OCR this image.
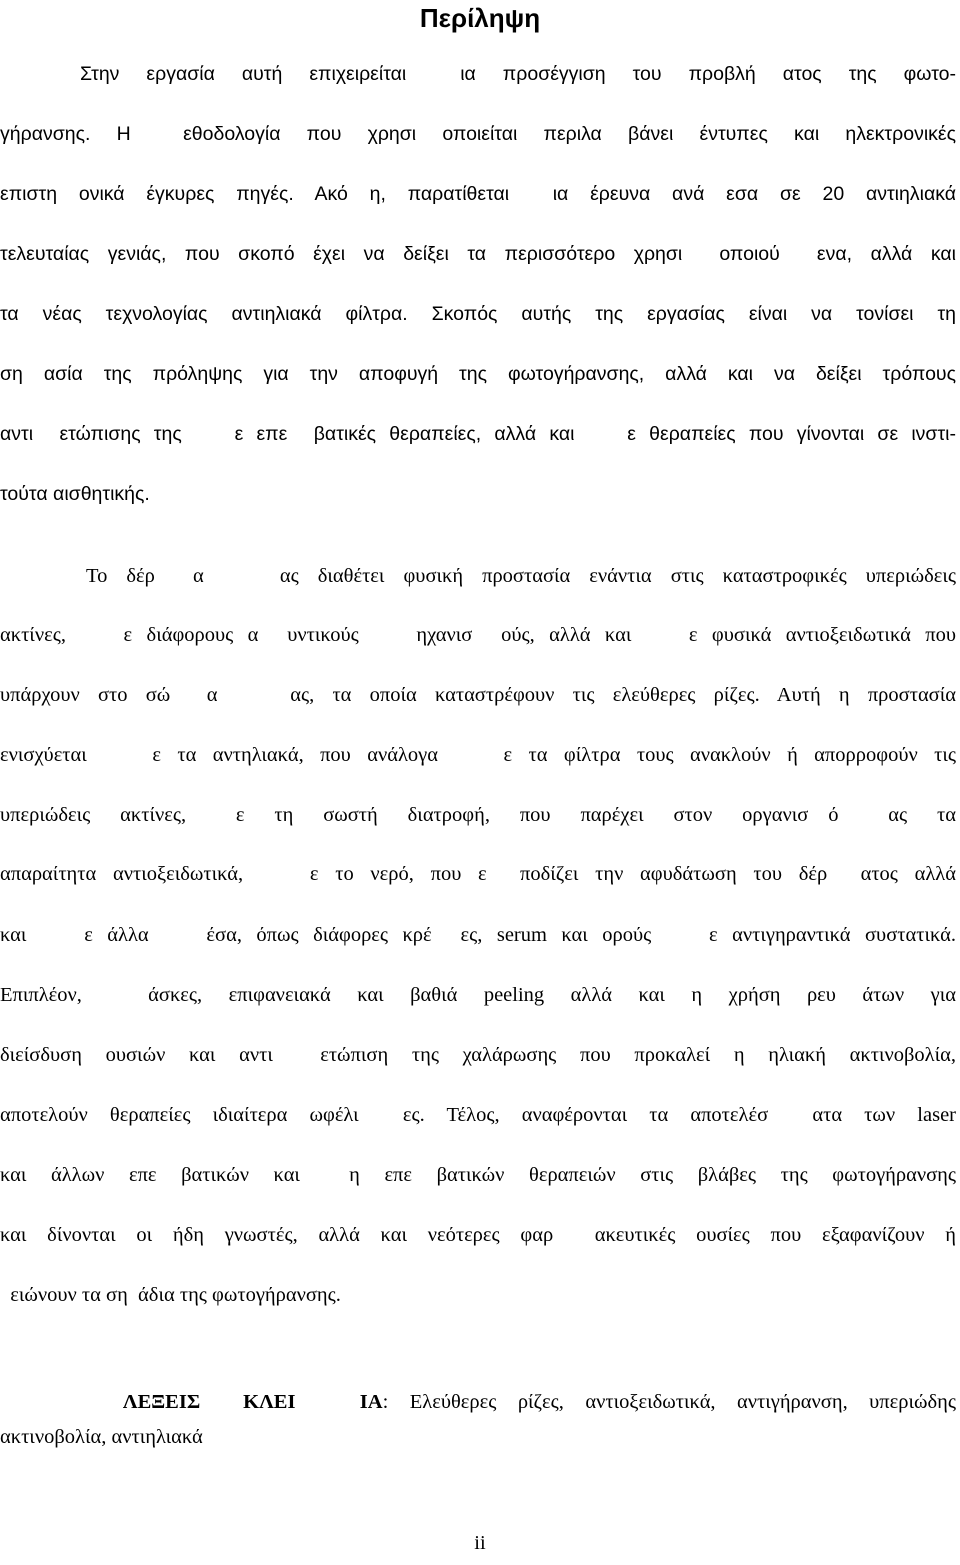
Περίληψη
Στην  εργασία  αυτή  επιχειρείται    ια  προσέγγιση  του  προβλή  ατος  της  φωτο-
γήρανσης.  Η    εθοδολογία  που  χρησι  οποιείται  περιλα  βάνει  έντυπες  και  ηλεκτρονικές
επιστη  ονικά  έγκυρες  πηγές.  Ακό  η,  παρατίθεται    ια  έρευνα  ανά  εσα  σε  20  αντιηλιακά
τελευταίας γενιάς, που σκοπό έχει να δείξει τα περισσότερο χρησι  οποιού  ενα, αλλά και
τα  νέας  τεχνολογίας  αντιηλιακά  φίλτρα.  Σκοπός  αυτής  της  εργασίας  είναι  να  τονίσει  τη
ση  ασία  της  πρόληψης  για  την  αποφυγή  της  φωτογήρανσης,  αλλά  και  να  δείξει  τρόπους
αντι  ετώπισης της    ε επε  βατικές θεραπείες, αλλά και    ε θεραπείες που γίνονται σε ινστι-
τούτα αισθητικής.
Το δέρ  α    ας διαθέτει φυσική προστασία ενάντια στις καταστροφικές υπεριώδεις
ακτίνες,    ε διάφορους α  υντικούς    ηχανισ  ούς, αλλά και    ε φυσικά αντιοξειδωτικά που
υπάρχουν στο σώ  α    ας, τα οποία καταστρέφουν τις ελεύθερες ρίζες. Αυτή η προστασία
ενισχύεται    ε τα αντηλιακά, που ανάλογα    ε τα φίλτρα τους ανακλούν ή απορροφούν τις
υπεριώδεις   ακτίνες,     ε   τη   σωστή   διατροφή,   που   παρέχει   στον   οργανισ  ό     ας   τα
απαραίτητα αντιοξειδωτικά,    ε το νερό, που ε  ποδίζει την αφυδάτωση του δέρ  ατος αλλά
και    ε άλλα    έσα, όπως διάφορες κρέ  ες, serum και ορούς    ε αντιγηραντικά συστατικά.
Επιπλέον,     άσκες,  επιφανειακά  και  βαθιά  peeling  αλλά  και  η  χρήση  ρευ  άτων  για
διείσδυση ουσιών και αντι  ετώπιση της χαλάρωσης που προκαλεί η ηλιακή ακτινοβολία,
αποτελούν θεραπείες ιδιαίτερα ωφέλι  ες. Τέλος, αναφέρονται τα αποτελέσ  ατα των laser
και  άλλων  επε  βατικών  και    η  επε  βατικών  θεραπειών  στις  βλάβες  της  φωτογήρανσης
και δίνονται οι ήδη γνωστές, αλλά και νεότερες φαρ  ακευτικές ουσίες που εξαφανίζουν ή
ειώνουν τα ση  άδια της φωτογήρανσης.

ΛΕΞΕΙΣ  ΚΛΕΙ   ΙΑ: Ελεύθερες ρίζες, αντιοξειδωτικά, αντιγήρανση, υπεριώδης

ακτινοβολία, αντιηλιακά
ii
